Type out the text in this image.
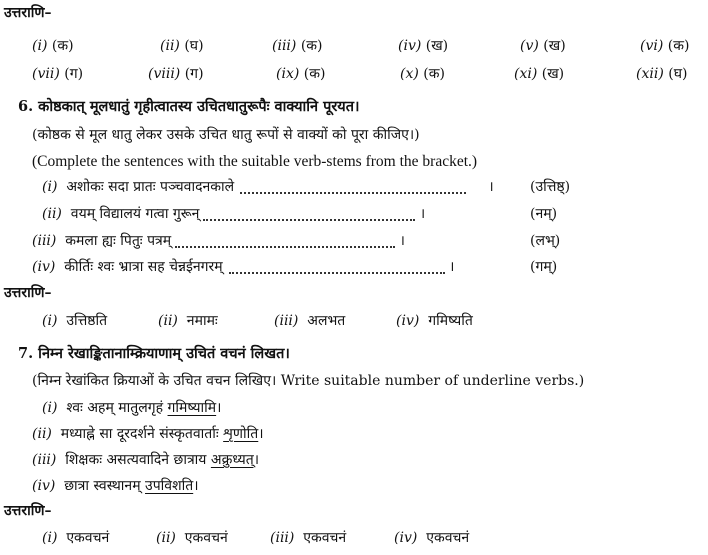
उत्तराणि–
(i) (क)	(ii) (घ)	(iii) (क)	(iv) (ख)	(v) (ख)	(vi) (क)
(vii) (ग)	(viii) (ग)	(ix) (क)	(x) (क)	(xi) (ख)	(xii) (घ)
6. कोष्ठकात् मूलधातुं गृहीत्वातस्य उचितधातुरूपैः वाक्यानि पूरयत।
(कोष्ठक से मूल धातु लेकर उसके उचित धातु रूपों से वाक्यों को पूरा कीजिए।)
(Complete the sentences with the suitable verb-stems from the bracket.)
(i) अशोकः सदा प्रातः पञ्चवादनकाले	।	(उत्तिष्ठ्)
(ii) वयम् विद्यालयं गत्वा गुरून्	।	(नम्)
(iii) कमला ह्यः पितुः पत्रम्	।	(लभ्)
(iv) कीर्तिः श्वः भ्रात्रा सह चेन्नईनगरम्	।	(गम्)
उत्तराणि–
(i) उत्तिष्ठति	(ii) नमामः	(iii) अलभत	(iv) गमिष्यति
7. निम्न रेखाङ्कितानाम्क्रियाणाम् उचितं वचनं लिखत।
(निम्न रेखांकित क्रियाओं के उचित वचन लिखिए। Write suitable number of underline verbs.)
(i) श्वः अहम् मातुलगृहं गमिष्यामि।
(ii) मध्याह्ने सा दूरदर्शने संस्कृतवार्ताः शृणोति।
(iii) शिक्षकः असत्यवादिने छात्राय अक्रुध्यत्।
(iv) छात्रा स्वस्थानम् उपविशति।
उत्तराणि–
(i) एकवचनं	(ii) एकवचनं	(iii) एकवचनं	(iv) एकवचनं
